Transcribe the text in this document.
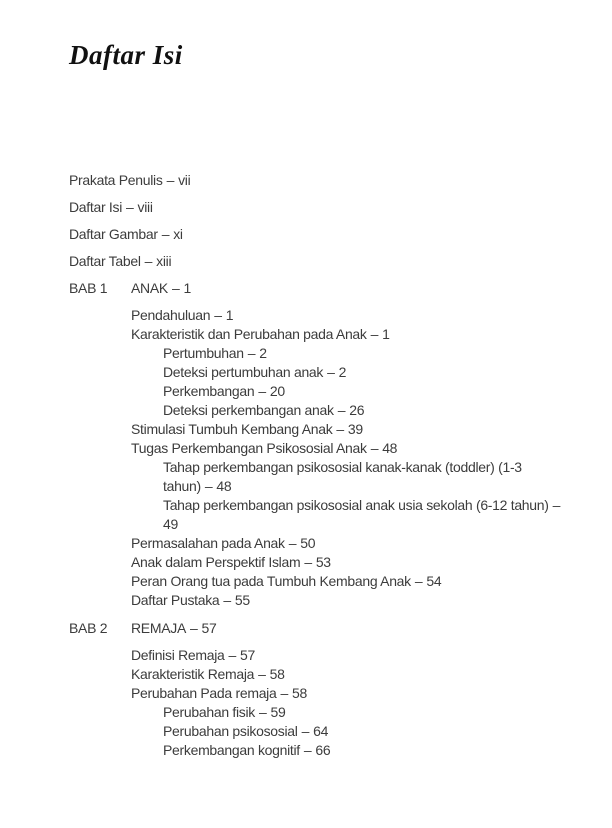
Daftar Isi
Prakata Penulis – vii
Daftar Isi – viii
Daftar Gambar – xi
Daftar Tabel – xiii
BAB 1	ANAK – 1
Pendahuluan – 1
Karakteristik dan Perubahan pada Anak – 1
Pertumbuhan – 2
Deteksi pertumbuhan anak – 2
Perkembangan – 20
Deteksi perkembangan anak – 26
Stimulasi Tumbuh Kembang Anak – 39
Tugas Perkembangan Psikososial Anak – 48
Tahap perkembangan psikososial kanak-kanak (toddler) (1-3 tahun) – 48
Tahap perkembangan psikososial anak usia sekolah (6-12 tahun) –49
Permasalahan pada Anak – 50
Anak dalam Perspektif Islam – 53
Peran Orang tua pada Tumbuh Kembang Anak – 54
Daftar Pustaka – 55
BAB 2	REMAJA – 57
Definisi Remaja – 57
Karakteristik Remaja – 58
Perubahan Pada remaja – 58
Perubahan fisik – 59
Perubahan psikososial – 64
Perkembangan kognitif – 66
